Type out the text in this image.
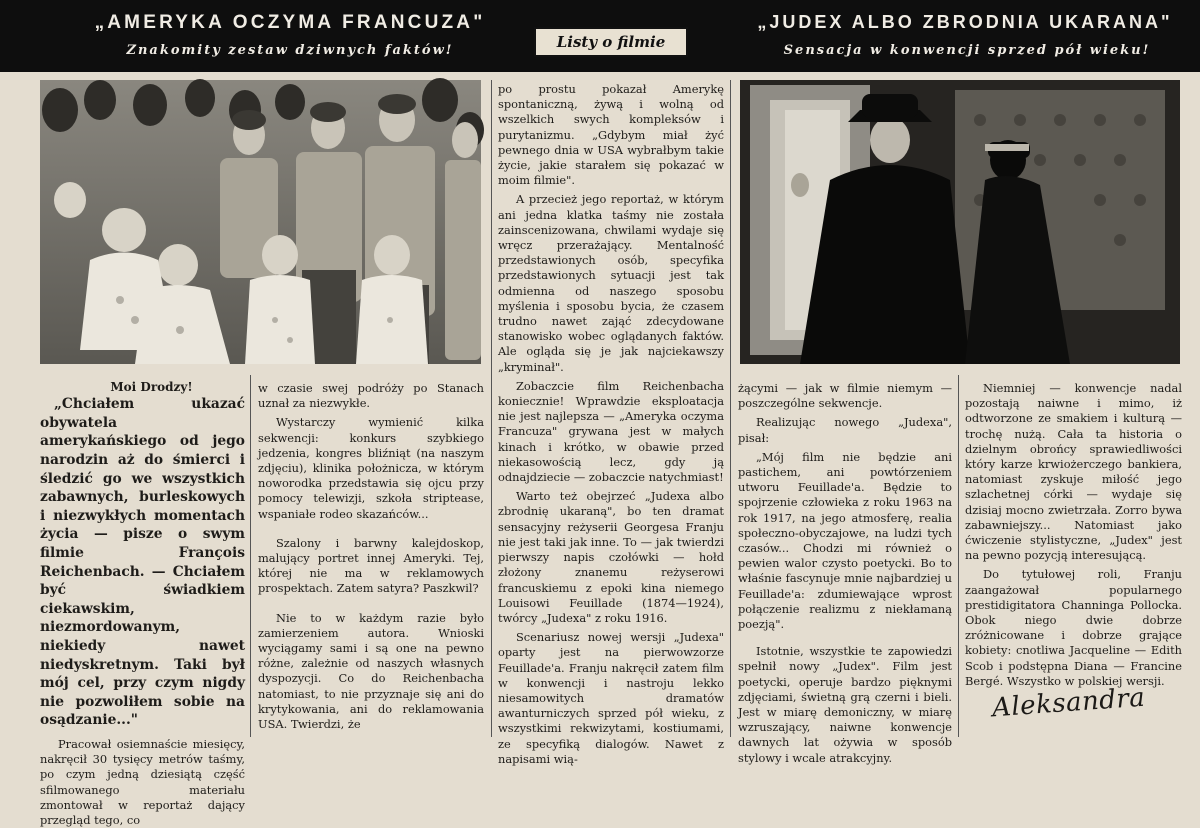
„AMERYKA OCZYMA FRANCUZA"
Znakomity zestaw dziwnych faktów!
„JUDEX ALBO ZBRODNIA UKARANA"
Sensacja w konwencji sprzed pół wieku!
Listy o filmie

Moi Drodzy!

„Chciałem ukazać obywatela amerykańskiego od jego narodzin aż do śmierci i śledzić go we wszystkich zabawnych, burleskowych i niezwykłych momentach życia — pisze o swym filmie François Reichenbach. — Chciałem być świadkiem ciekawskim, niezmordowanym, niekiedy nawet niedyskretnym. Taki był mój cel, przy czym nigdy nie pozwoliłem sobie na osądzanie..."

Pracował osiemnaście miesięcy, nakręcił 30 tysięcy metrów taśmy, po czym jedną dziesiątą część sfilmowanego materiału zmontował w reportaż dający przegląd tego, co

w czasie swej podróży po Stanach uznał za niezwykłe.

Wystarczy wymienić kilka sekwencji: konkurs szybkiego jedzenia, kongres bliźniąt (na naszym zdjęciu), klinika położnicza, w którym noworodka przedstawia się ojcu przy pomocy telewizji, szkoła striptease, wspaniałe rodeo skazańców...

Szalony i barwny kalejdoskop, malujący portret innej Ameryki. Tej, której nie ma w reklamowych prospektach. Zatem satyra? Paszkwil?

Nie to w każdym razie było zamierzeniem autora. Wnioski wyciągamy sami i są one na pewno różne, zależnie od naszych własnych dyspozycji. Co do Reichenbacha natomiast, to nie przyznaje się ani do krytykowania, ani do reklamowania USA. Twierdzi, że

po prostu pokazał Amerykę spontaniczną, żywą i wolną od wszelkich swych kompleksów i purytanizmu. „Gdybym miał żyć pewnego dnia w USA wybrałbym takie życie, jakie starałem się pokazać w moim filmie".

A przecież jego reportaż, w którym ani jedna klatka taśmy nie została zainscenizowana, chwilami wydaje się wręcz przerażający. Mentalność przedstawionych osób, specyfika przedstawionych sytuacji jest tak odmienna od naszego sposobu myślenia i sposobu bycia, że czasem trudno nawet zająć zdecydowane stanowisko wobec oglądanych faktów. Ale ogląda się je jak najciekawszy „kryminał".

Zobaczcie film Reichenbacha koniecznie! Wprawdzie eksploatacja nie jest najlepsza — „Ameryka oczyma Francuza" grywana jest w małych kinach i krótko, w obawie przed niekasowością lecz, gdy ją odnajdziecie — zobaczcie natychmiast!

Warto też obejrzeć „Judexa albo zbrodnię ukaraną", bo ten dramat sensacyjny reżyserii Georgesa Franju nie jest taki jak inne. To — jak twierdzi pierwszy napis czołówki — hołd złożony znanemu reżyserowi francuskiemu z epoki kina niemego Louisowi Feuillade (1874—1924), twórcy „Judexa" z roku 1916.

Scenariusz nowej wersji „Judexa" oparty jest na pierwowzorze Feuillade'a. Franju nakręcił zatem film w konwencji i nastroju lekko niesamowitych dramatów awanturniczych sprzed pół wieku, z wszystkimi rekwizytami, kostiumami, ze specyfiką dialogów. Nawet z napisami wią-

żącymi — jak w filmie niemym — poszczególne sekwencje.

Realizując nowego „Judexa", pisał:

„Mój film nie będzie ani pastichem, ani powtórzeniem utworu Feuillade'a. Będzie to spojrzenie człowieka z roku 1963 na rok 1917, na jego atmosferę, realia społeczno-obyczajowe, na ludzi tych czasów... Chodzi mi również o pewien walor czysto poetycki. Bo to właśnie fascynuje mnie najbardziej u Feuillade'a: zdumiewające wprost połączenie realizmu z niekłamaną poezją".

Istotnie, wszystkie te zapowiedzi spełnił nowy „Judex". Film jest poetycki, operuje bardzo pięknymi zdjęciami, świetną grą czerni i bieli. Jest w miarę demoniczny, w miarę wzruszający, naiwne konwencje dawnych lat ożywia w sposób stylowy i wcale atrakcyjny.

Niemniej — konwencje nadal pozostają naiwne i mimo, iż odtworzone ze smakiem i kulturą — trochę nużą. Cała ta historia o dzielnym obrońcy sprawiedliwości który karze krwiożerczego bankiera, natomiast zyskuje miłość jego szlachetnej córki — wydaje się dzisiaj mocno zwietrzała. Zorro bywa zabawniejszy... Natomiast jako ćwiczenie stylistyczne, „Judex" jest na pewno pozycją interesującą.

Do tytułowej roli, Franju zaangażował popularnego prestidigitatora Channinga Pollocka. Obok niego dwie dobrze zróżnicowane i dobrze grające kobiety: cnotliwa Jacqueline — Edith Scob i podstępna Diana — Francine Bergé. Wszystko w polskiej wersji.

Aleksandra
